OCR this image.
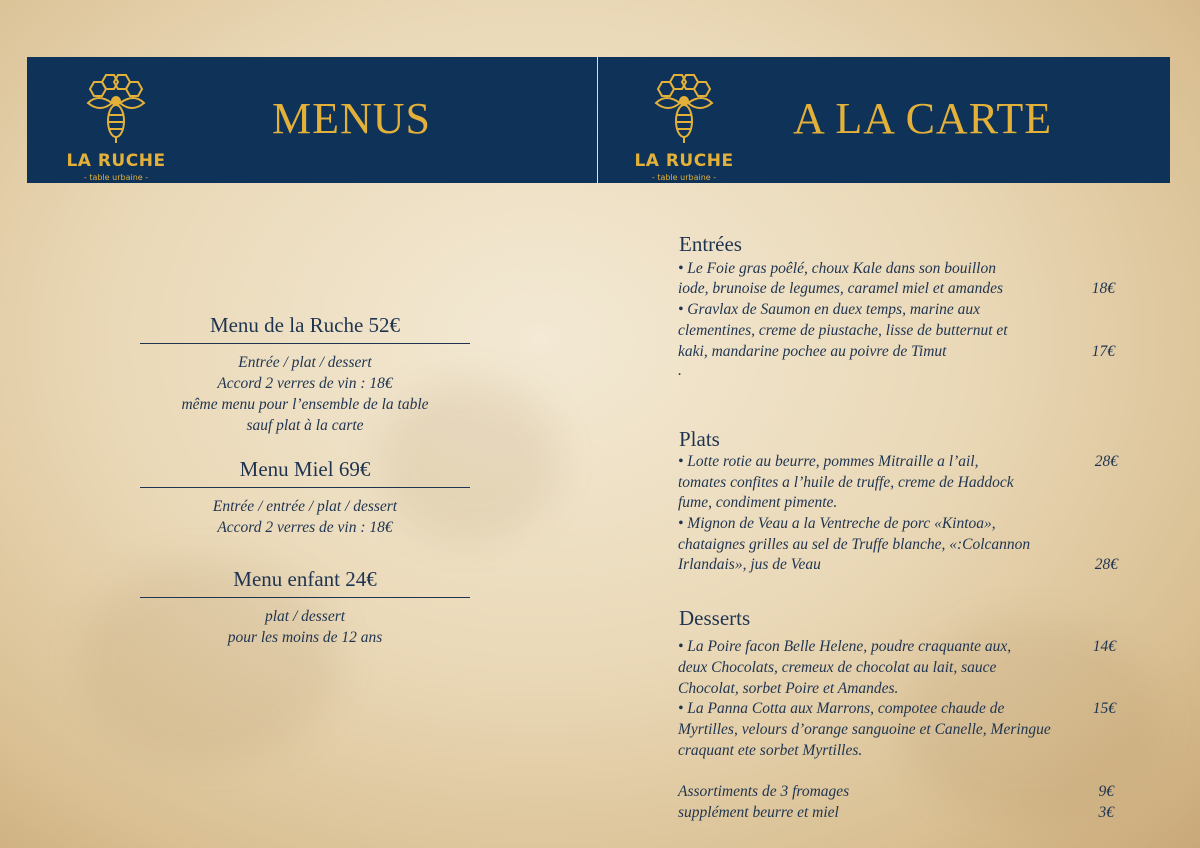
LA RUCHE
- table urbaine -
MENUS
LA RUCHE
- table urbaine -
A LA CARTE
Menu de la Ruche 52€
Entrée / plat / dessert
Accord 2 verres de vin : 18€
même menu pour l’ensemble de la table
sauf plat à la carte
Menu Miel 69€
Entrée / entrée / plat / dessert
Accord 2 verres de vin : 18€
Menu enfant 24€
plat / dessert
pour les moins de 12 ans
Entrées
• Le Foie gras poêlé, choux Kale dans son bouillon
iode, brunoise de legumes, caramel miel et amandes	18€
• Gravlax de Saumon en duex temps, marine aux
clementines, creme de piustache, lisse de butternut et
kaki, mandarine pochee au poivre de Timut	17€
.
Plats
• Lotte rotie au beurre, pommes Mitraille a l’ail,	28€
tomates confites a l’huile de truffe, creme de Haddock
fume, condiment pimente.
• Mignon de Veau a la Ventreche de porc «Kintoa»,
chataignes grilles au sel de Truffe blanche, «:Colcannon
Irlandais», jus de Veau	28€
Desserts
• La Poire facon Belle Helene, poudre craquante aux,	14€
deux Chocolats, cremeux de chocolat au lait, sauce
Chocolat, sorbet Poire et Amandes.
• La Panna Cotta aux Marrons, compotee chaude de	15€
Myrtilles, velours d’orange sanguoine et Canelle, Meringue
craquant ete sorbet Myrtilles.
Assortiments de 3 fromages	9€
supplément beurre et miel	3€
